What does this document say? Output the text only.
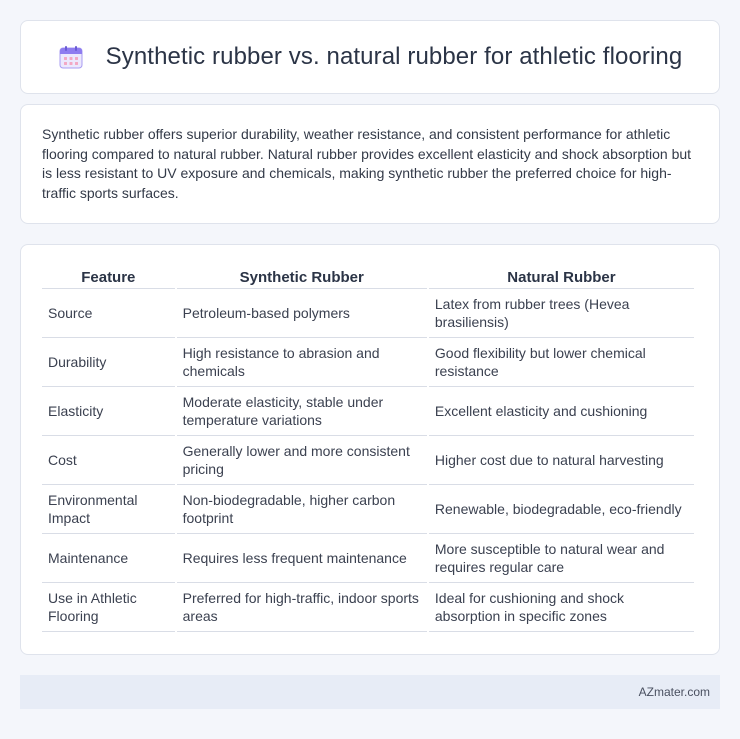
Synthetic rubber vs. natural rubber for athletic flooring

Synthetic rubber offers superior durability, weather resistance, and consistent performance for athletic flooring compared to natural rubber. Natural rubber provides excellent elasticity and shock absorption but is less resistant to UV exposure and chemicals, making synthetic rubber the preferred choice for high-traffic sports surfaces.

Feature	Synthetic Rubber	Natural Rubber
Source	Petroleum-based polymers	Latex from rubber trees (Hevea brasiliensis)
Durability	High resistance to abrasion and chemicals	Good flexibility but lower chemical resistance
Elasticity	Moderate elasticity, stable under temperature variations	Excellent elasticity and cushioning
Cost	Generally lower and more consistent pricing	Higher cost due to natural harvesting
Environmental Impact	Non-biodegradable, higher carbon footprint	Renewable, biodegradable, eco-friendly
Maintenance	Requires less frequent maintenance	More susceptible to natural wear and requires regular care
Use in Athletic Flooring	Preferred for high-traffic, indoor sports areas	Ideal for cushioning and shock absorption in specific zones
AZmater.com
